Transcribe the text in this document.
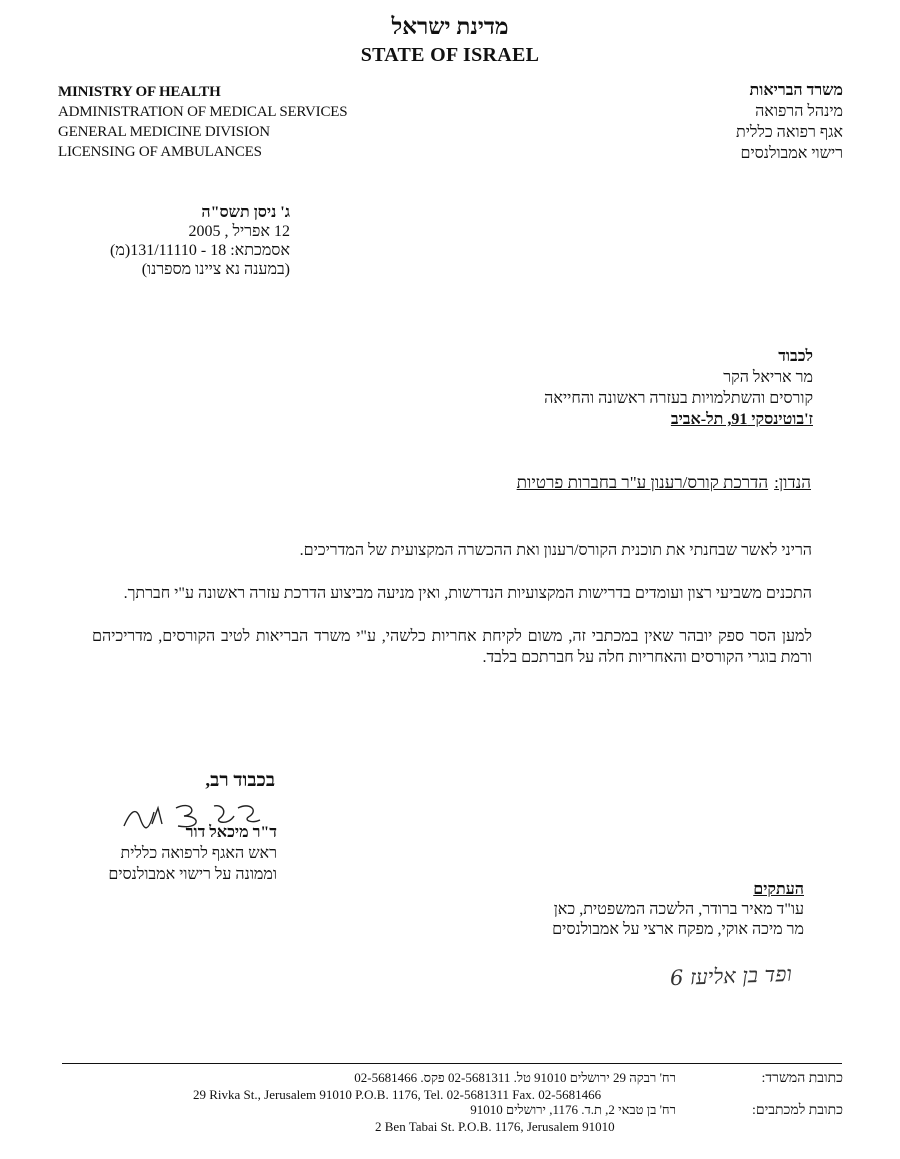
מדינת ישראל
STATE OF ISRAEL
MINISTRY OF HEALTH
ADMINISTRATION OF MEDICAL SERVICES
GENERAL MEDICINE DIVISION
LICENSING OF AMBULANCES
משרד הבריאות
מינהל הרפואה
אגף רפואה כללית
רישוי אמבולנסים
ג' ניסן תשס"ה
12 אפריל , 2005
אסמכתא: 18 - 131/11110(מ)
(במענה נא ציינו מספרנו)
לכבוד
מר אריאל הקר
קורסים והשתלמויות בעזרה ראשונה והחייאה
ז'בוטינסקי 91, תל-אביב
הנדון:הדרכת קורס/רענון ע"ר בחברות פרטיות

הריני לאשר שבחנתי את תוכנית הקורס/רענון ואת ההכשרה המקצועית של המדריכים.

התכנים משביעי רצון ועומדים בדרישות המקצועיות הנדרשות, ואין מניעה מביצוע הדרכת עזרה ראשונה ע"י חברתך.

למען הסר ספק יובהר שאין במכתבי זה, משום לקיחת אחריות כלשהי, ע"י משרד הבריאות לטיב הקורסים, מדריכיהם ורמת בוגרי הקורסים והאחריות חלה על חברתכם בלבד.

בכבוד רב,
ד"ר מיכאל דור
ראש האגף לרפואה כללית
וממונה על רישוי אמבולנסים
העתקים
עו"ד מאיר ברודר, הלשכה המשפטית, כאן
מר מיכה אוקי, מפקח ארצי על אמבולנסים
ופד בן אליעז 6
כתובת המשרד:
רח' רבקה 29 ירושלים 91010 טל. 02-5681311 פקס. 02-5681466
29 Rivka St., Jerusalem 91010 P.O.B. 1176, Tel. 02-5681311 Fax. 02-5681466
כתובת למכתבים:
רח' בן טבאי 2, ת.ד. 1176, ירושלים 91010
2 Ben Tabai St. P.O.B. 1176, Jerusalem 91010
